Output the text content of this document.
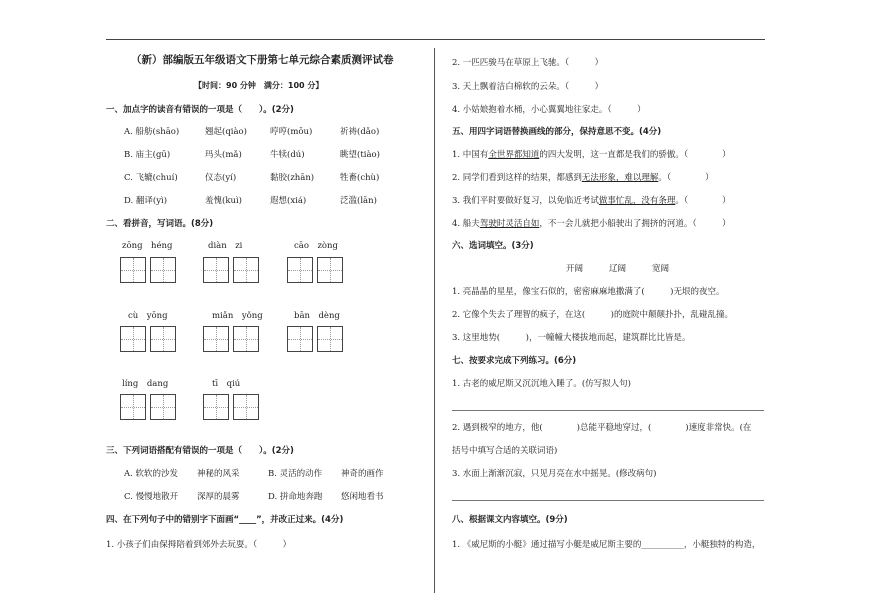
（新）部编版五年级语文下册第七单元综合素质测评试卷
【时间：90 分钟　满分：100 分】
一、加点字的读音有错误的一项是（　　）。(2分)
A. 船舫(shāo)	翘起(qiào)	哼哼(mōu)	祈祷(dǎo)
B. 庙主(gū)	玛头(mǎ)	牛犊(dú)	眺望(tiào)
C. 飞辘(chuí)	仪态(yí)	黏胶(zhān)	牲畜(chù)
D. 翻译(yì)	羞愧(kuì)	遐想(xiá)	泛滥(lān)
二、看拼音，写词语。(8分)
zōng　héng	diàn　zi	cāo　zòng
cù　yōng	miǎn　yǒng	bān　dèng
líng　dang	tī　qiú
三、下列词语搭配有错误的一项是（　　）。(2分)
A. 软软的沙发 神秘的风采	B. 灵活的动作 神奇的画作
C. 慢慢地散开 深厚的晨雾	D. 拼命地奔跑 悠闲地看书
四、在下列句子中的错别字下面画“____”，并改正过来。(4分)
1. 小孩子们由保拇陪着到郊外去玩耍。（　　　）
2. 一匹匹骏马在草原上飞驰。（　　　）
3. 天上飘着洁白棉软的云朵。（　　　）
4. 小姑娘抱着水桶，小心翼翼地往家走。（　　　）
五、用四字词语替换画线的部分，保持意思不变。(4分)
1. 中国有全世界都知道的四大发明，这一直都是我们的骄傲。（　　　　）
2. 同学们看到这样的结果，都感到无法形象，难以理解。（　　　　）
3. 我们平时要做好复习，以免临近考试做事忙乱，没有条理。（　　　　）
4. 船夫驾驶时灵活自如，不一会儿就把小船驶出了拥挤的河道。（　　　）
六、选词填空。(3分)
开阔	辽阔	宽阔
1. 亮晶晶的星星，像宝石似的，密密麻麻地撒满了(　　　)无垠的夜空。
2. 它像个失去了理智的疯子，在这(　　　)的庭院中颠颠扑扑，乱碰乱撞。
3. 这里地势(　　　)，一幢幢大楼拔地而起，建筑群比比皆是。
七、按要求完成下列练习。(6分)
1. 古老的威尼斯又沉沉地入睡了。(仿写拟人句)
2. 遇到极窄的地方，他(　　　　)总能平稳地穿过，(　　　　)速度非常快。(在
括号中填写合适的关联词语)
3. 水面上渐渐沉寂，只见月亮在水中摇晃。(修改病句)
八、根据课文内容填空。(9分)
1. 《威尼斯的小艇》通过描写小艇是威尼斯主要的__________，小艇独特的构造，
